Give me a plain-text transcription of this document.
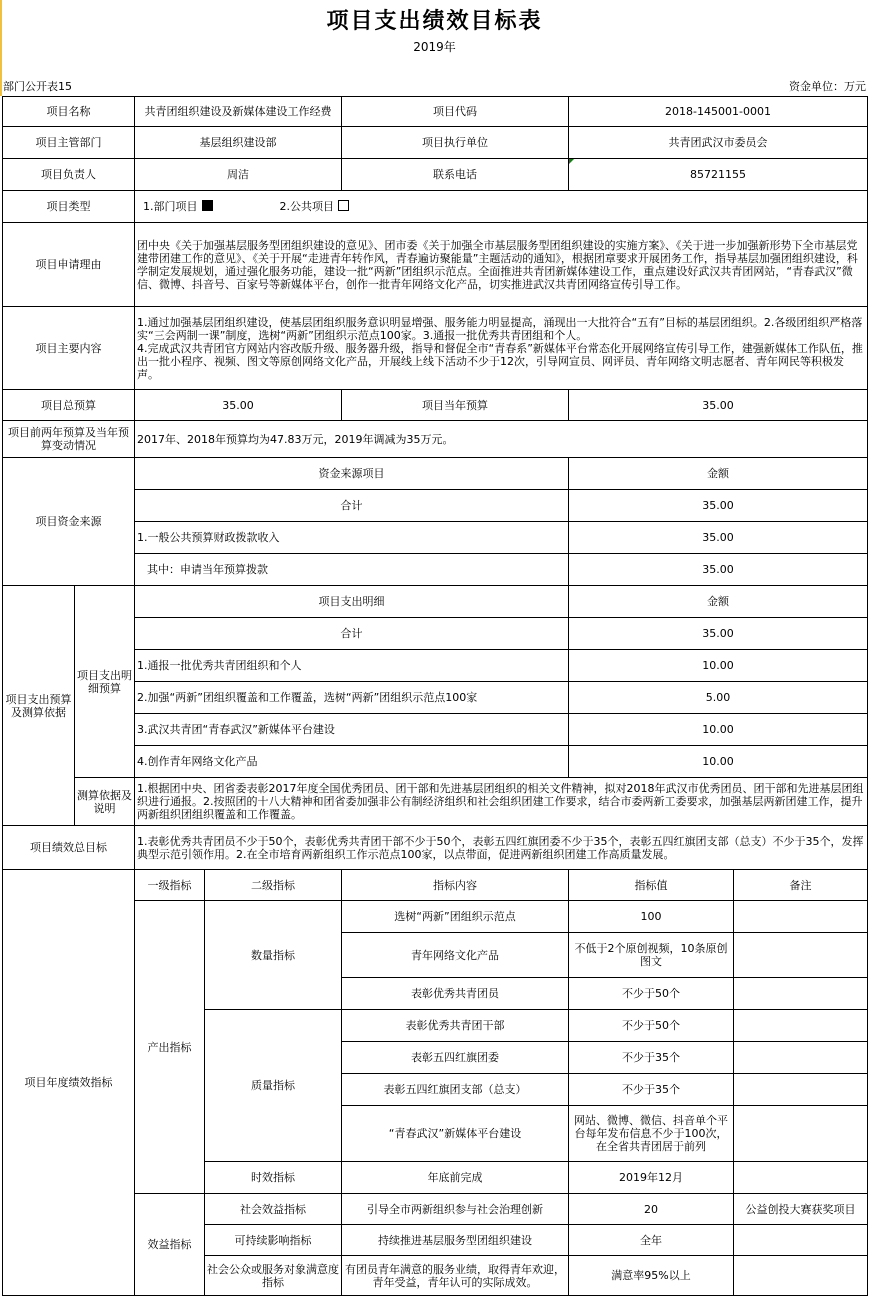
项目支出绩效目标表
2019年
部门公开表15	资金单位：万元
项目名称		共青团组织建设及新媒体建设工作经费		项目代码	2018-145001-0001	
项目主管部门		基层组织建设部		项目执行单位	共青团武汉市委员会	
项目负责人		周洁		联系电话	85721155	
项目类型		1.部门项目 2.公共项目				
项目申请理由		团中央《关于加强基层服务型团组织建设的意见》、团市委《关于加强全市基层服务型团组织建设的实施方案》、《关于进一步加强新形势下全市基层党建带团建工作的意见》、《关于开展“走进青年转作风，青春遍访聚能量”主题活动的通知》，根据团章要求开展团务工作，指导基层加强团组织建设，科学制定发展规划，通过强化服务功能，建设一批“两新”团组织示范点。全面推进共青团新媒体建设工作，重点建设好武汉共青团网站，“青春武汉”微信、微博、抖音号、百家号等新媒体平台，创作一批青年网络文化产品，切实推进武汉共青团网络宣传引导工作。				
项目主要内容		1.通过加强基层团组织建设，使基层团组织服务意识明显增强、服务能力明显提高，涌现出一大批符合“五有”目标的基层团组织。2.各级团组织严格落实“三会两制一课”制度，选树“两新”团组织示范点100家。3.通报一批优秀共青团组和个人。
4.完成武汉共青团官方网站内容改版升级、服务器升级，指导和督促全市“青春系”新媒体平台常态化开展网络宣传引导工作，建强新媒体工作队伍，推出一批小程序、视频、图文等原创网络文化产品，开展线上线下活动不少于12次，引导网宣员、网评员、青年网络文明志愿者、青年网民等积极发声。				
项目总预算		35.00		项目当年预算	35.00	
项目前两年预算及当年预算变动情况		2017年、2018年预算均为47.83万元，2019年调减为35万元。				
项目资金来源		资金来源项目			金额	
		合计			35.00	
		1.一般公共预算财政拨款收入			35.00	
		其中：申请当年预算拨款			35.00	
项目支出预算及测算依据	项目支出明细预算	项目支出明细			金额	
		合计			35.00	
		1.通报一批优秀共青团组织和个人			10.00	
		2.加强“两新”团组织覆盖和工作覆盖，选树“两新”团组织示范点100家			5.00	
		3.武汉共青团“青春武汉”新媒体平台建设			10.00	
		4.创作青年网络文化产品			10.00	
	测算依据及说明	1.根据团中央、团省委表彰2017年度全国优秀团员、团干部和先进基层团组织的相关文件精神，拟对2018年武汉市优秀团员、团干部和先进基层团组织进行通报。2.按照团的十八大精神和团省委加强非公有制经济组织和社会组织团建工作要求，结合市委两新工委要求，加强基层两新团建工作，提升两新组织团组织覆盖和工作覆盖。				
项目绩效总目标		1.表彰优秀共青团员不少于50个，表彰优秀共青团干部不少于50个，表彰五四红旗团委不少于35个，表彰五四红旗团支部（总支）不少于35个，发挥典型示范引领作用。2.在全市培育两新组织工作示范点100家，以点带面，促进两新组织团建工作高质量发展。				
项目年度绩效指标		一级指标	二级指标	指标内容	指标值	备注
		产出指标	数量指标	选树“两新”团组织示范点	100	
				青年网络文化产品	不低于2个原创视频，10条原创图文	
				表彰优秀共青团员	不少于50个	
			质量指标	表彰优秀共青团干部	不少于50个	
				表彰五四红旗团委	不少于35个	
				表彰五四红旗团支部（总支）	不少于35个	
				“青春武汉”新媒体平台建设	网站、微博、微信、抖音单个平台每年发布信息不少于100次，在全省共青团居于前列	
			时效指标	年底前完成	2019年12月	
		效益指标	社会效益指标	引导全市两新组织参与社会治理创新	20	公益创投大赛获奖项目
			可持续影响指标	持续推进基层服务型团组织建设	全年	
			社会公众或服务对象满意度指标	有团员青年满意的服务业绩，取得青年欢迎，青年受益，青年认可的实际成效。	满意率95%以上	
